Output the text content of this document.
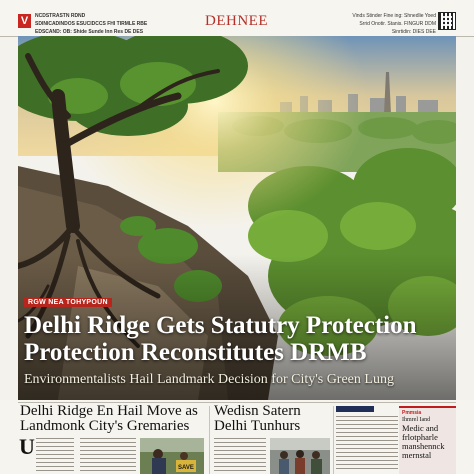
V	NCDSTRASTN RDND
SDINICADINDOS ESUCIDCCS FHI TIRMLE RBE
EDSCAND: OB: Shide Sunde Inn Res DE DES
DEHNEE	Vinds Stinder Fine ing: Shnedlie Yoed
Srrid Onotir. Stanis. FINGUR DDM
Sinrtidin: DIES DEE
RGW NEA TOHYPOUN
Delhi Ridge Gets Statutry Protection
Protection Reconstitutes DRMB
Environmentalists Hail Landmark Decision for City's Green Lung
Delhi Ridge En Hail Move as
Landmonk City's Gremaries
U
SAVE
Wedisn Satern
Delhi Tunhurs
Pmmsia
Ihmrel Iand
Medic and
frlotpharle
manshennck
mernstal
